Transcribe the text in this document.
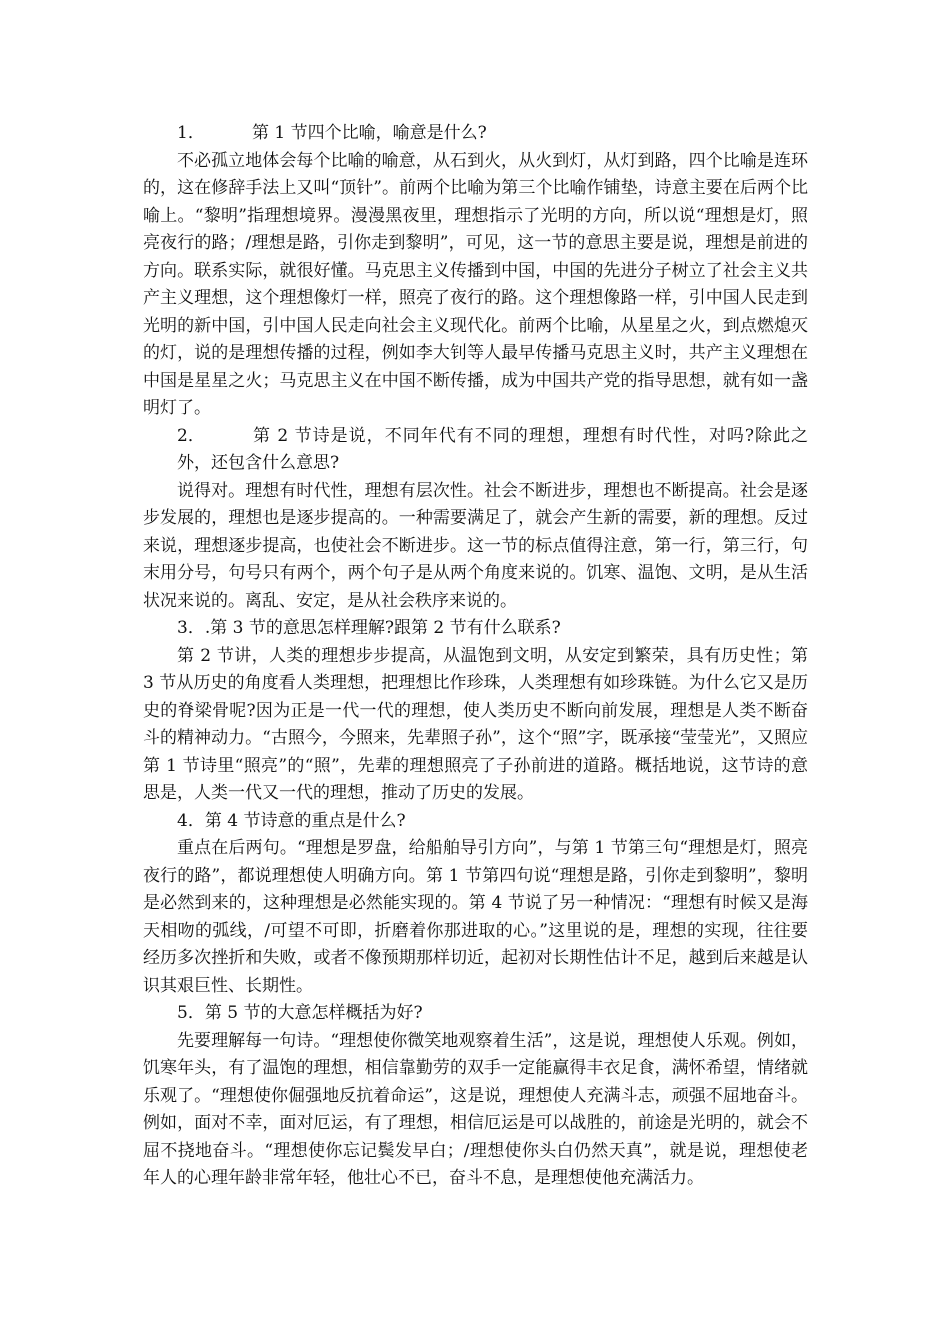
1．	第 1 节四个比喻，喻意是什么?

不必孤立地体会每个比喻的喻意，从石到火，从火到灯，从灯到路，四个比喻是连环的，这在修辞手法上又叫“顶针”。前两个比喻为第三个比喻作铺垫，诗意主要在后两个比喻上。“黎明”指理想境界。漫漫黑夜里，理想指示了光明的方向，所以说“理想是灯，照亮夜行的路；/理想是路，引你走到黎明”，可见，这一节的意思主要是说，理想是前进的方向。联系实际，就很好懂。马克思主义传播到中国，中国的先进分子树立了社会主义共产主义理想，这个理想像灯一样，照亮了夜行的路。这个理想像路一样，引中国人民走到光明的新中国，引中国人民走向社会主义现代化。前两个比喻，从星星之火，到点燃熄灭的灯，说的是理想传播的过程，例如李大钊等人最早传播马克思主义时，共产主义理想在中国是星星之火；马克思主义在中国不断传播，成为中国共产党的指导思想，就有如一盏明灯了。

2．	第 2 节诗是说，不同年代有不同的理想，理想有时代性，对吗?除此之外，还包含什么意思?

说得对。理想有时代性，理想有层次性。社会不断进步，理想也不断提高。社会是逐步发展的，理想也是逐步提高的。一种需要满足了，就会产生新的需要，新的理想。反过来说，理想逐步提高，也使社会不断进步。这一节的标点值得注意，第一行，第三行，句末用分号，句号只有两个，两个句子是从两个角度来说的。饥寒、温饱、文明，是从生活状况来说的。离乱、安定，是从社会秩序来说的。

3．.第 3 节的意思怎样理解?跟第 2 节有什么联系?

第 2 节讲，人类的理想步步提高，从温饱到文明，从安定到繁荣，具有历史性；第 3 节从历史的角度看人类理想，把理想比作珍珠，人类理想有如珍珠链。为什么它又是历史的脊梁骨呢?因为正是一代一代的理想，使人类历史不断向前发展，理想是人类不断奋斗的精神动力。“古照今，今照来，先辈照子孙”，这个“照”字，既承接“莹莹光”，又照应第 1 节诗里“照亮”的“照”，先辈的理想照亮了子孙前进的道路。概括地说，这节诗的意思是，人类一代又一代的理想，推动了历史的发展。

4．第 4 节诗意的重点是什么?

重点在后两句。“理想是罗盘，给船舶导引方向”，与第 1 节第三句“理想是灯，照亮夜行的路”，都说理想使人明确方向。第 1 节第四句说“理想是路，引你走到黎明”，黎明是必然到来的，这种理想是必然能实现的。第 4 节说了另一种情况：“理想有时候又是海天相吻的弧线，/可望不可即，折磨着你那进取的心。”这里说的是，理想的实现，往往要经历多次挫折和失败，或者不像预期那样切近，起初对长期性估计不足，越到后来越是认识其艰巨性、长期性。

5．第 5 节的大意怎样概括为好?

先要理解每一句诗。“理想使你微笑地观察着生活”，这是说，理想使人乐观。例如，饥寒年头，有了温饱的理想，相信靠勤劳的双手一定能赢得丰衣足食，满怀希望，情绪就乐观了。“理想使你倔强地反抗着命运”，这是说，理想使人充满斗志，顽强不屈地奋斗。例如，面对不幸，面对厄运，有了理想，相信厄运是可以战胜的，前途是光明的，就会不屈不挠地奋斗。“理想使你忘记鬓发早白；/理想使你头白仍然天真”，就是说，理想使老年人的心理年龄非常年轻，他壮心不已，奋斗不息，是理想使他充满活力。
